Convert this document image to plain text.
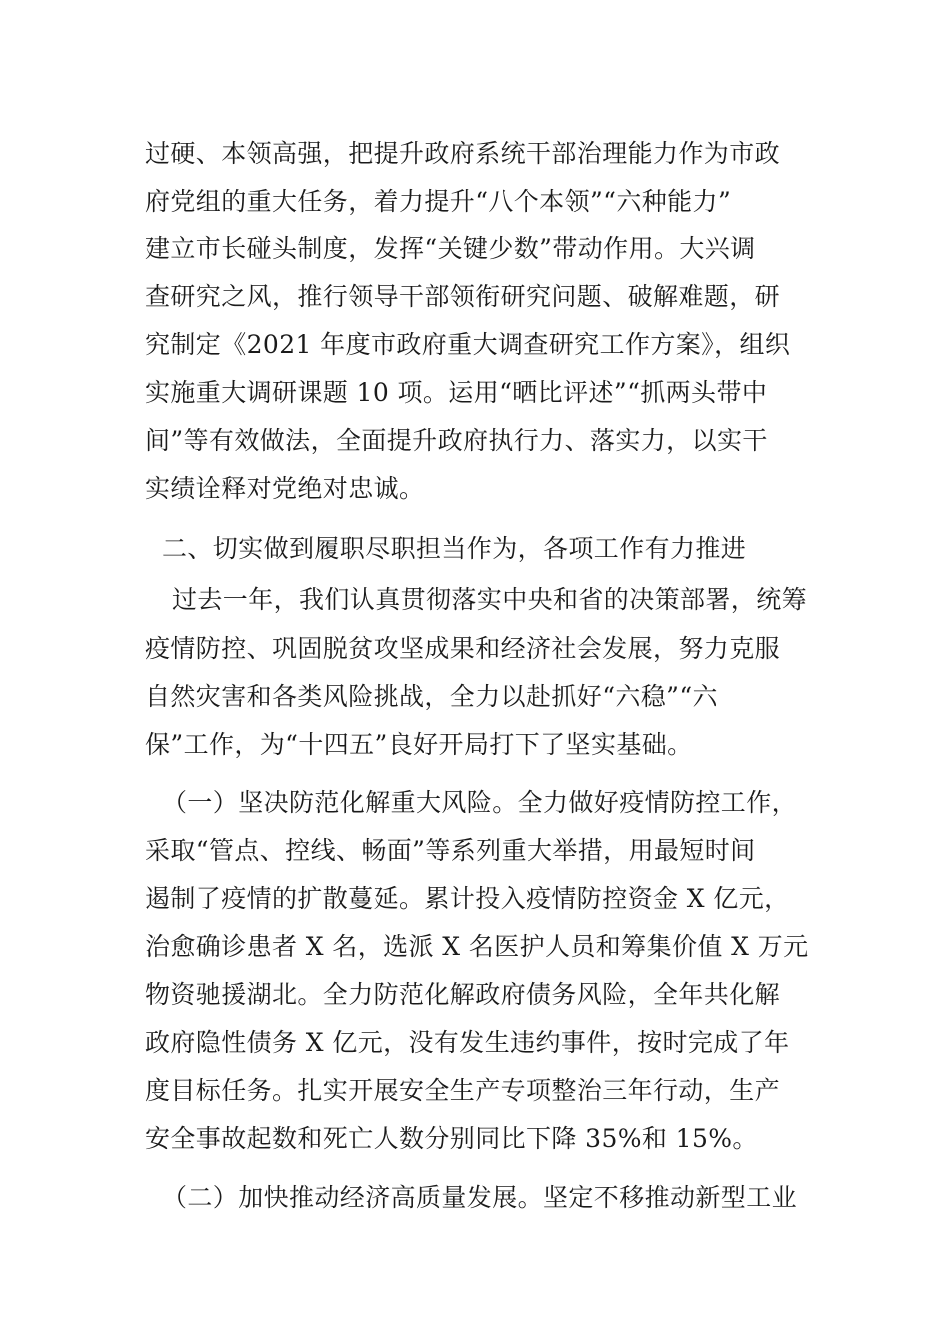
过硬、本领高强，把提升政府系统干部治理能力作为市政
府党组的重大任务，着力提升“八个本领”“六种能力”
建立市长碰头制度，发挥“关键少数”带动作用。大兴调
查研究之风，推行领导干部领衔研究问题、破解难题，研
究制定《2021 年度市政府重大调查研究工作方案》，组织
实施重大调研课题 10 项。运用“晒比评述”“抓两头带中
间”等有效做法，全面提升政府执行力、落实力，以实干
实绩诠释对党绝对忠诚。
二、切实做到履职尽职担当作为，各项工作有力推进
过去一年，我们认真贯彻落实中央和省的决策部署，统筹
疫情防控、巩固脱贫攻坚成果和经济社会发展，努力克服
自然灾害和各类风险挑战，全力以赴抓好“六稳”“六
保”工作，为“十四五”良好开局打下了坚实基础。
（一）坚决防范化解重大风险。全力做好疫情防控工作，
采取“管点、控线、畅面”等系列重大举措，用最短时间
遏制了疫情的扩散蔓延。累计投入疫情防控资金 X 亿元，
治愈确诊患者 X 名，选派 X 名医护人员和筹集价值 X 万元
物资驰援湖北。全力防范化解政府债务风险，全年共化解
政府隐性债务 X 亿元，没有发生违约事件，按时完成了年
度目标任务。扎实开展安全生产专项整治三年行动，生产
安全事故起数和死亡人数分别同比下降 35%和 15%。
（二）加快推动经济高质量发展。坚定不移推动新型工业
